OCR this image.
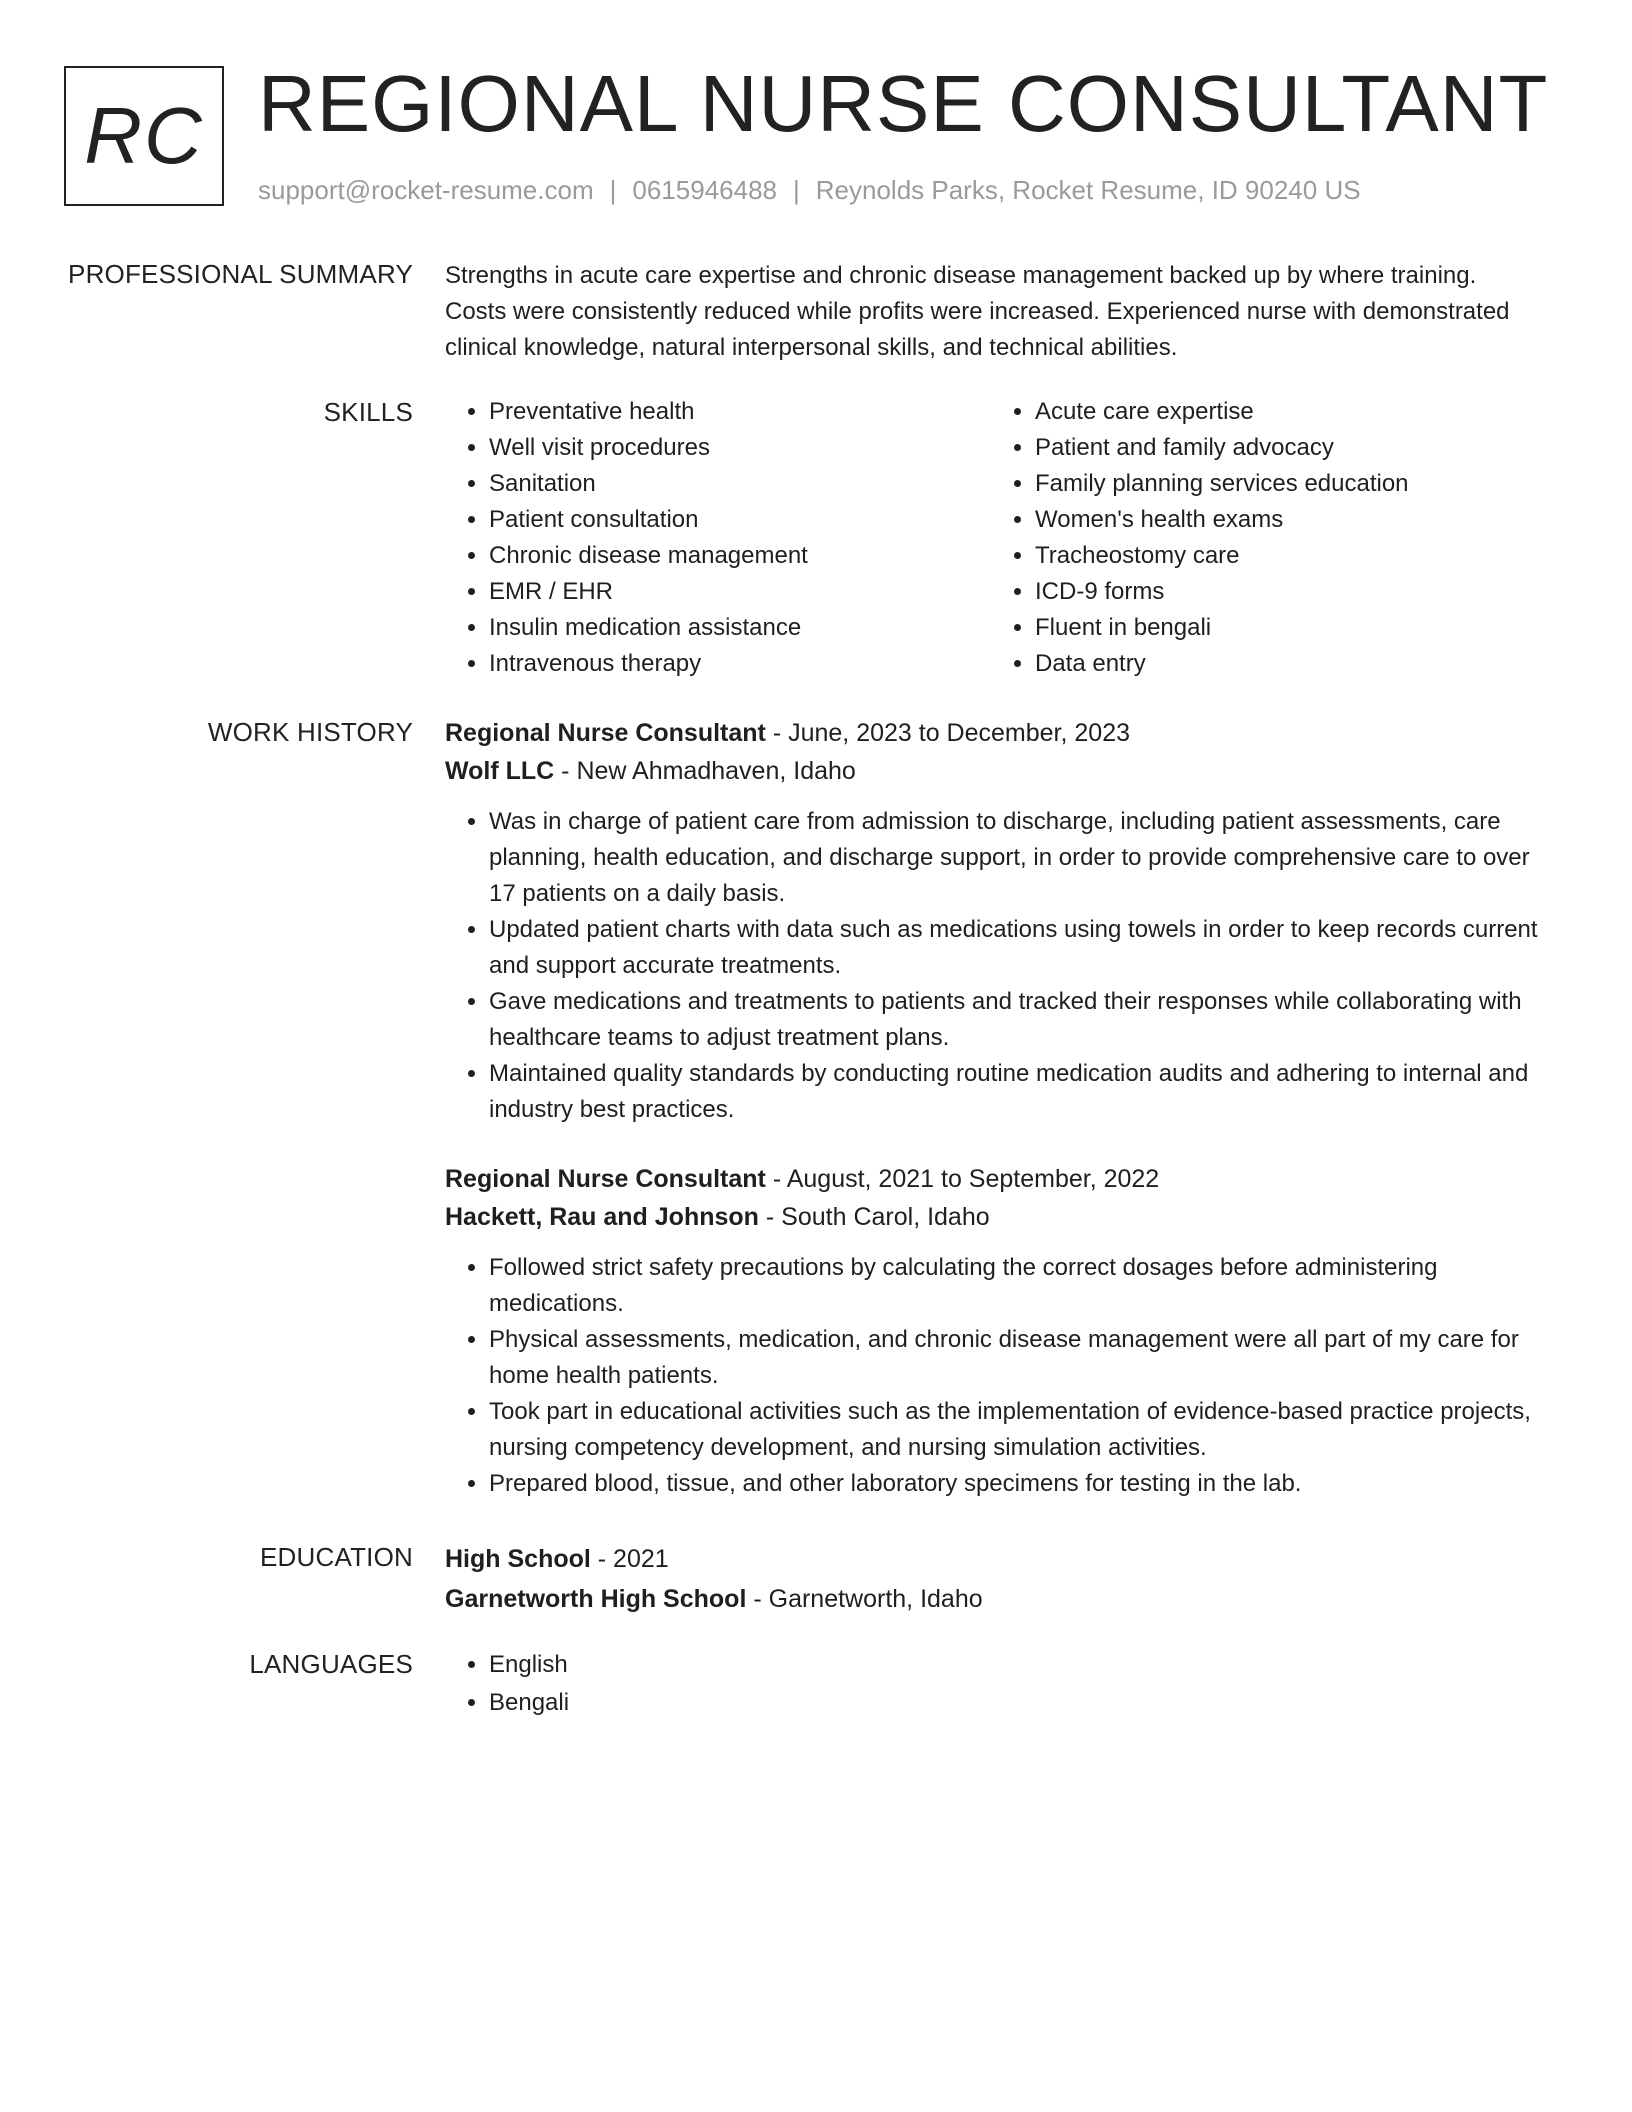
RC REGIONAL NURSE CONSULTANT
support@rocket-resume.com | 0615946488 | Reynolds Parks, Rocket Resume, ID 90240 US
PROFESSIONAL SUMMARY Strengths in acute care expertise and chronic disease management backed up by where training.
Costs were consistently reduced while profits were increased. Experienced nurse with demonstrated
clinical knowledge, natural interpersonal skills, and technical abilities.

SKILLS	• Preventative health
• Well visit procedures
• Sanitation
• Patient consultation
• Chronic disease management
• EMR / EHR
• Insulin medication assistance
• Intravenous therapy
• Acute care expertise
• Patient and family advocacy
• Family planning services education
• Women's health exams
• Tracheostomy care
• ICD-9 forms
• Fluent in bengali
• Data entry
WORK HISTORY Regional Nurse Consultant - June, 2023 to December, 2023
Wolf LLC - New Ahmadhaven, Idaho
• Was in charge of patient care from admission to discharge, including patient assessments, care planning, health education, and discharge support, in order to provide comprehensive care to over 17 patients on a daily basis.
• Updated patient charts with data such as medications using towels in order to keep records current and support accurate treatments.
• Gave medications and treatments to patients and tracked their responses while collaborating with healthcare teams to adjust treatment plans.
• Maintained quality standards by conducting routine medication audits and adhering to internal and industry best practices.
Regional Nurse Consultant - August, 2021 to September, 2022
Hackett, Rau and Johnson - South Carol, Idaho
• Followed strict safety precautions by calculating the correct dosages before administering medications.
• Physical assessments, medication, and chronic disease management were all part of my care for home health patients.
• Took part in educational activities such as the implementation of evidence-based practice projects, nursing competency development, and nursing simulation activities.
• Prepared blood, tissue, and other laboratory specimens for testing in the lab.
EDUCATION High School - 2021
Garnetworth High School - Garnetworth, Idaho
LANGUAGES	• English
• Bengali
